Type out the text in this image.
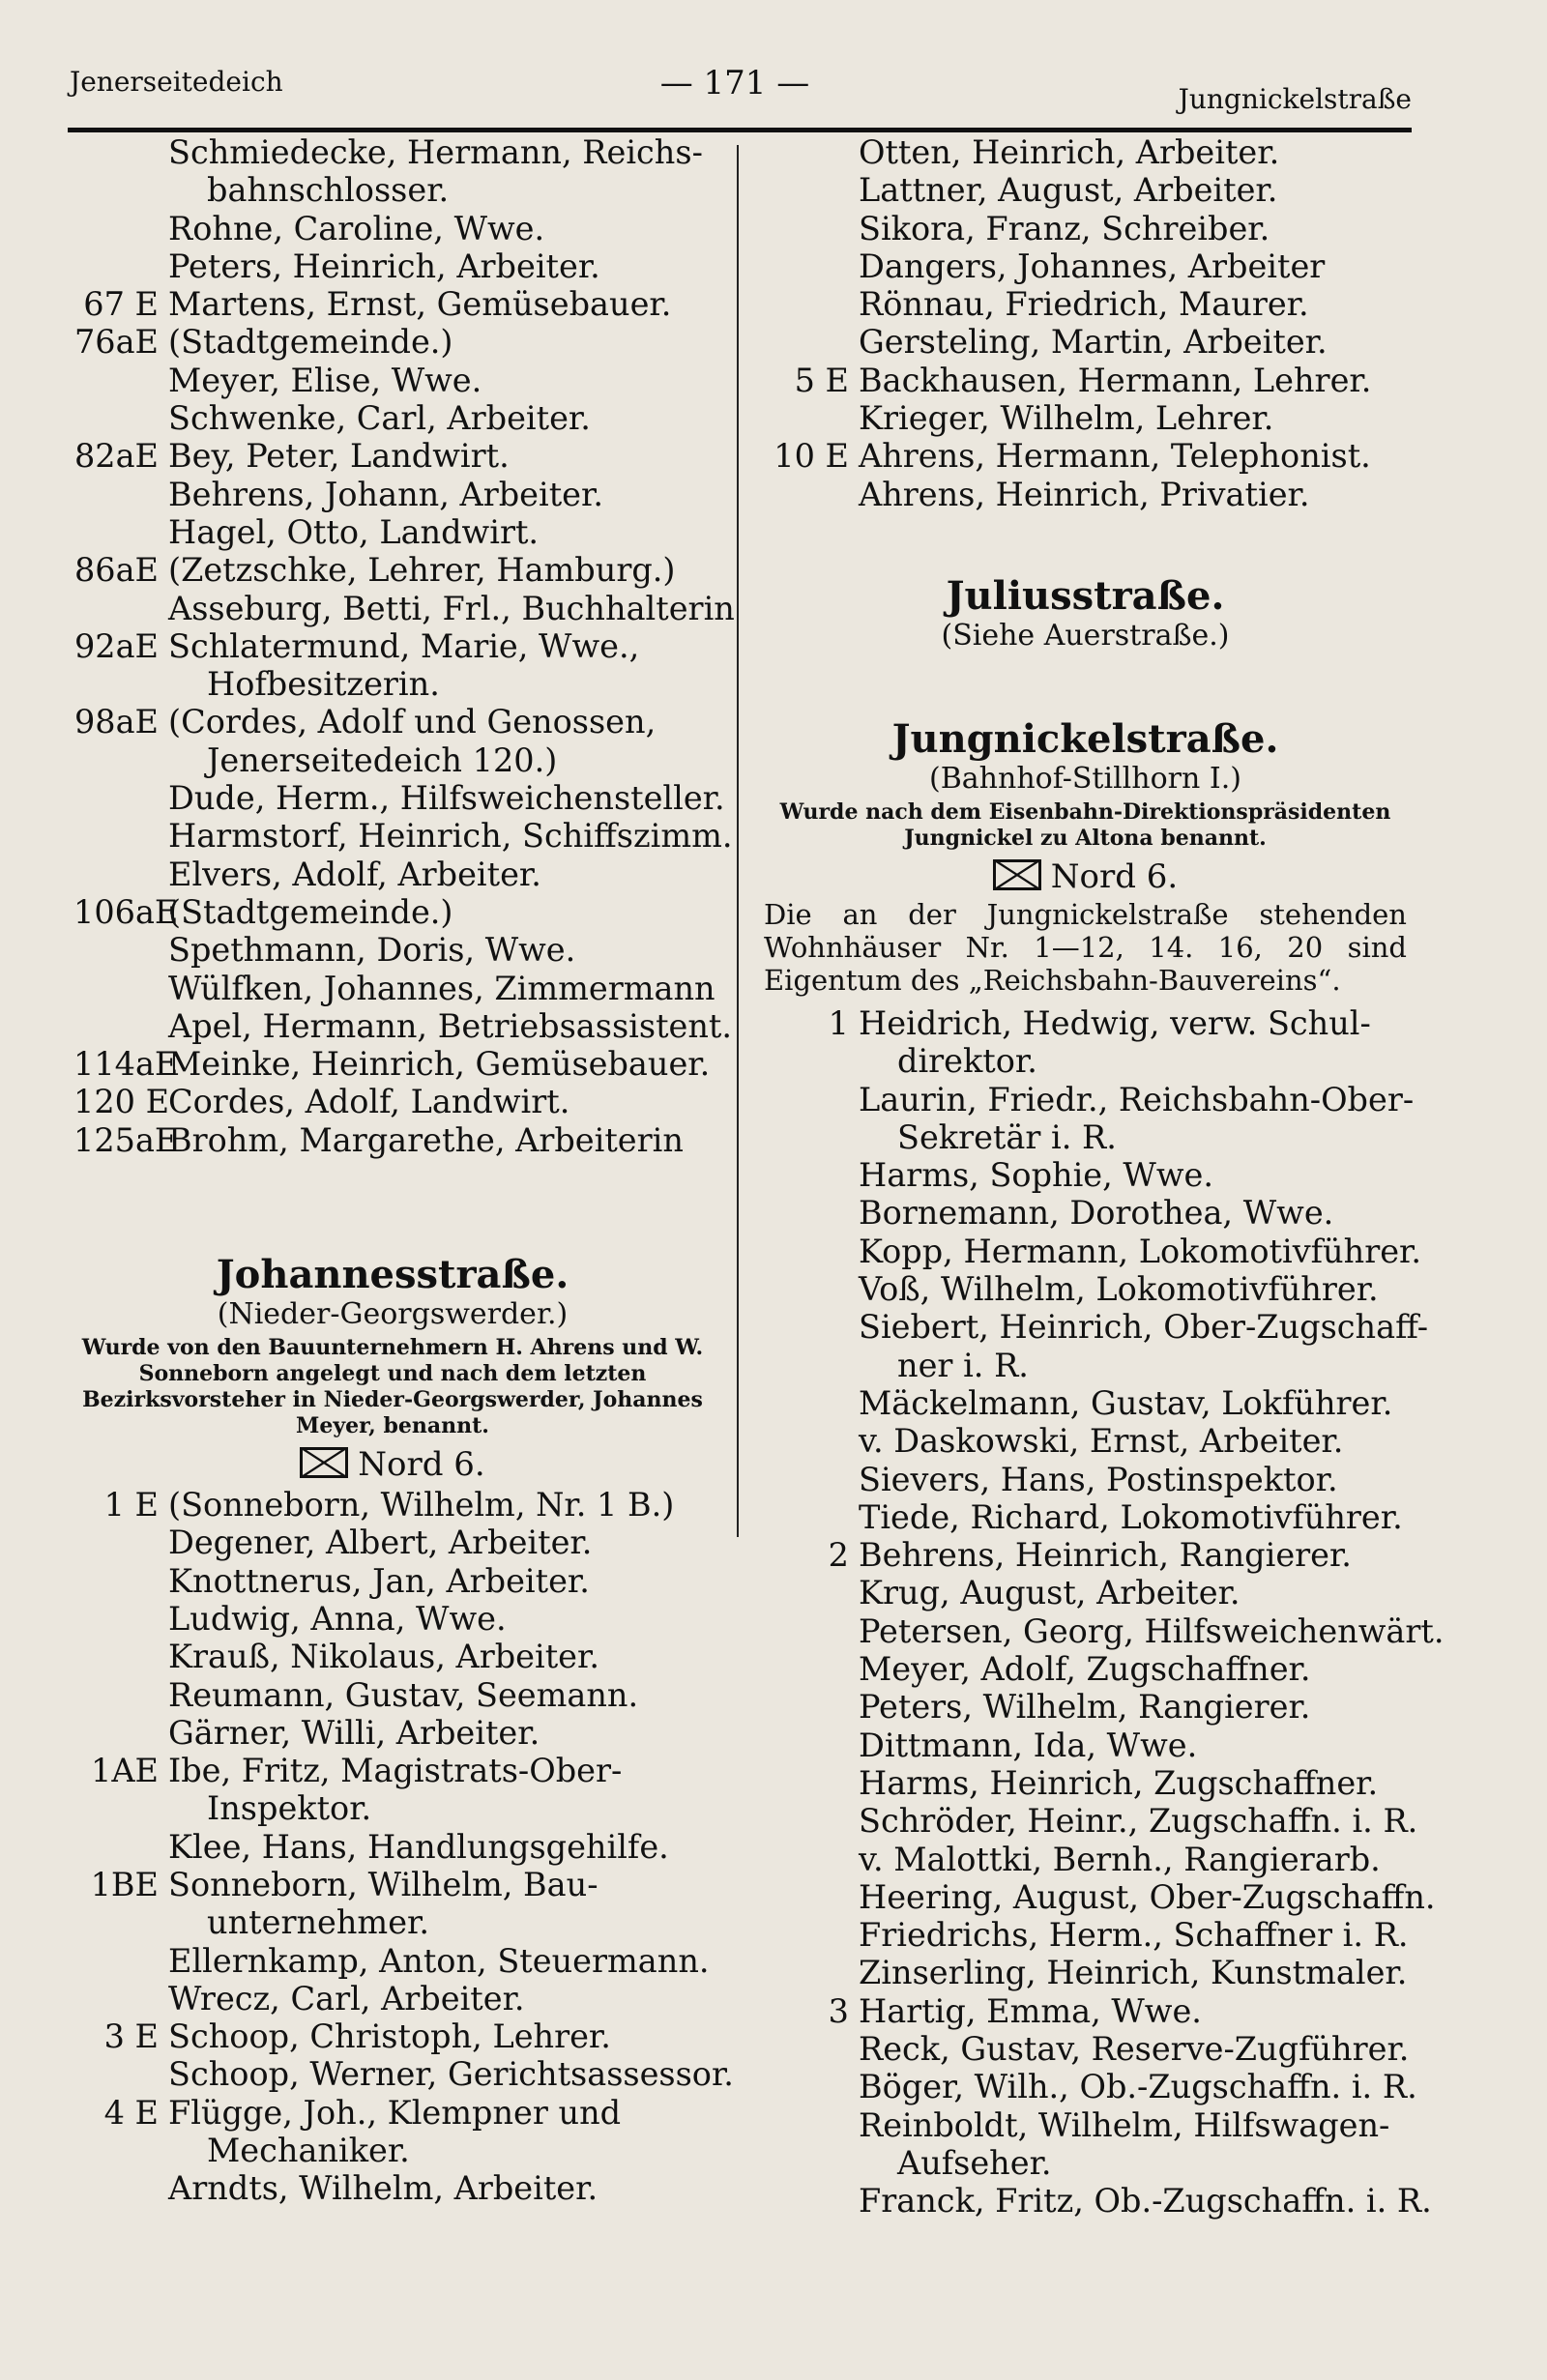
Jenerseitedeich	— 171 —	Jungnickelstraße
Schmiedecke, Hermann, Reichs-
bahnschlosser.
Rohne, Caroline, Wwe.
Peters, Heinrich, Arbeiter.
67 E Martens, Ernst, Gemüsebauer.
76aE (Stadtgemeinde.)
Meyer, Elise, Wwe.
Schwenke, Carl, Arbeiter.
82aE Bey, Peter, Landwirt.
Behrens, Johann, Arbeiter.
Hagel, Otto, Landwirt.
86aE (Zetzschke, Lehrer, Hamburg.)
Asseburg, Betti, Frl., Buchhalterin
92aE Schlatermund, Marie, Wwe.,
Hofbesitzerin.
98aE (Cordes, Adolf und Genossen,
Jenerseitedeich 120.)
Dude, Herm., Hilfsweichensteller.
Harmstorf, Heinrich, Schiffszimm.
Elvers, Adolf, Arbeiter.
106aE(Stadtgemeinde.)
Spethmann, Doris, Wwe.
Wülfken, Johannes, Zimmermann
Apel, Hermann, Betriebsassistent.
114aEMeinke, Heinrich, Gemüsebauer.
120 ECordes, Adolf, Landwirt.
125aEBrohm, Margarethe, Arbeiterin
Johannesstraße.
(Nieder-Georgswerder.)
Wurde von den Bauunternehmern H. Ahrens und W. Sonneborn angelegt und nach dem letzten Bezirksvorsteher in Nieder-Georgswerder, Johannes Meyer, benannt.
Nord 6.
1 E (Sonneborn, Wilhelm, Nr. 1 B.)
Degener, Albert, Arbeiter.
Knottnerus, Jan, Arbeiter.
Ludwig, Anna, Wwe.
Krauß, Nikolaus, Arbeiter.
Reumann, Gustav, Seemann.
Gärner, Willi, Arbeiter.
1AE Ibe, Fritz, Magistrats-Ober-
Inspektor.
Klee, Hans, Handlungsgehilfe.
1BE Sonneborn, Wilhelm, Bau-
unternehmer.
Ellernkamp, Anton, Steuermann.
Wrecz, Carl, Arbeiter.
3 E Schoop, Christoph, Lehrer.
Schoop, Werner, Gerichtsassessor.
4 E Flügge, Joh., Klempner und
Mechaniker.
Arndts, Wilhelm, Arbeiter.
Otten, Heinrich, Arbeiter.
Lattner, August, Arbeiter.
Sikora, Franz, Schreiber.
Dangers, Johannes, Arbeiter
Rönnau, Friedrich, Maurer.
Gersteling, Martin, Arbeiter.
5 E Backhausen, Hermann, Lehrer.
Krieger, Wilhelm, Lehrer.
10 E Ahrens, Hermann, Telephonist.
Ahrens, Heinrich, Privatier.
Juliusstraße.
(Siehe Auerstraße.)
Jungnickelstraße.
(Bahnhof-Stillhorn I.)
Wurde nach dem Eisenbahn-Direktionspräsidenten Jungnickel zu Altona benannt.
Nord 6.
Die an der Jungnickelstraße stehenden Wohnhäuser Nr. 1—12, 14. 16, 20 sind Eigentum des „Reichsbahn-Bauvereins“.
1 Heidrich, Hedwig, verw. Schul-
direktor.
Laurin, Friedr., Reichsbahn-Ober-
Sekretär i. R.
Harms, Sophie, Wwe.
Bornemann, Dorothea, Wwe.
Kopp, Hermann, Lokomotivführer.
Voß, Wilhelm, Lokomotivführer.
Siebert, Heinrich, Ober-Zugschaff-
ner i. R.
Mäckelmann, Gustav, Lokführer.
v. Daskowski, Ernst, Arbeiter.
Sievers, Hans, Postinspektor.
Tiede, Richard, Lokomotivführer.
2 Behrens, Heinrich, Rangierer.
Krug, August, Arbeiter.
Petersen, Georg, Hilfsweichenwärt.
Meyer, Adolf, Zugschaffner.
Peters, Wilhelm, Rangierer.
Dittmann, Ida, Wwe.
Harms, Heinrich, Zugschaffner.
Schröder, Heinr., Zugschaffn. i. R.
v. Malottki, Bernh., Rangierarb.
Heering, August, Ober-Zugschaffn.
Friedrichs, Herm., Schaffner i. R.
Zinserling, Heinrich, Kunstmaler.
3 Hartig, Emma, Wwe.
Reck, Gustav, Reserve-Zugführer.
Böger, Wilh., Ob.-Zugschaffn. i. R.
Reinboldt, Wilhelm, Hilfswagen-
Aufseher.
Franck, Fritz, Ob.-Zugschaffn. i. R.
